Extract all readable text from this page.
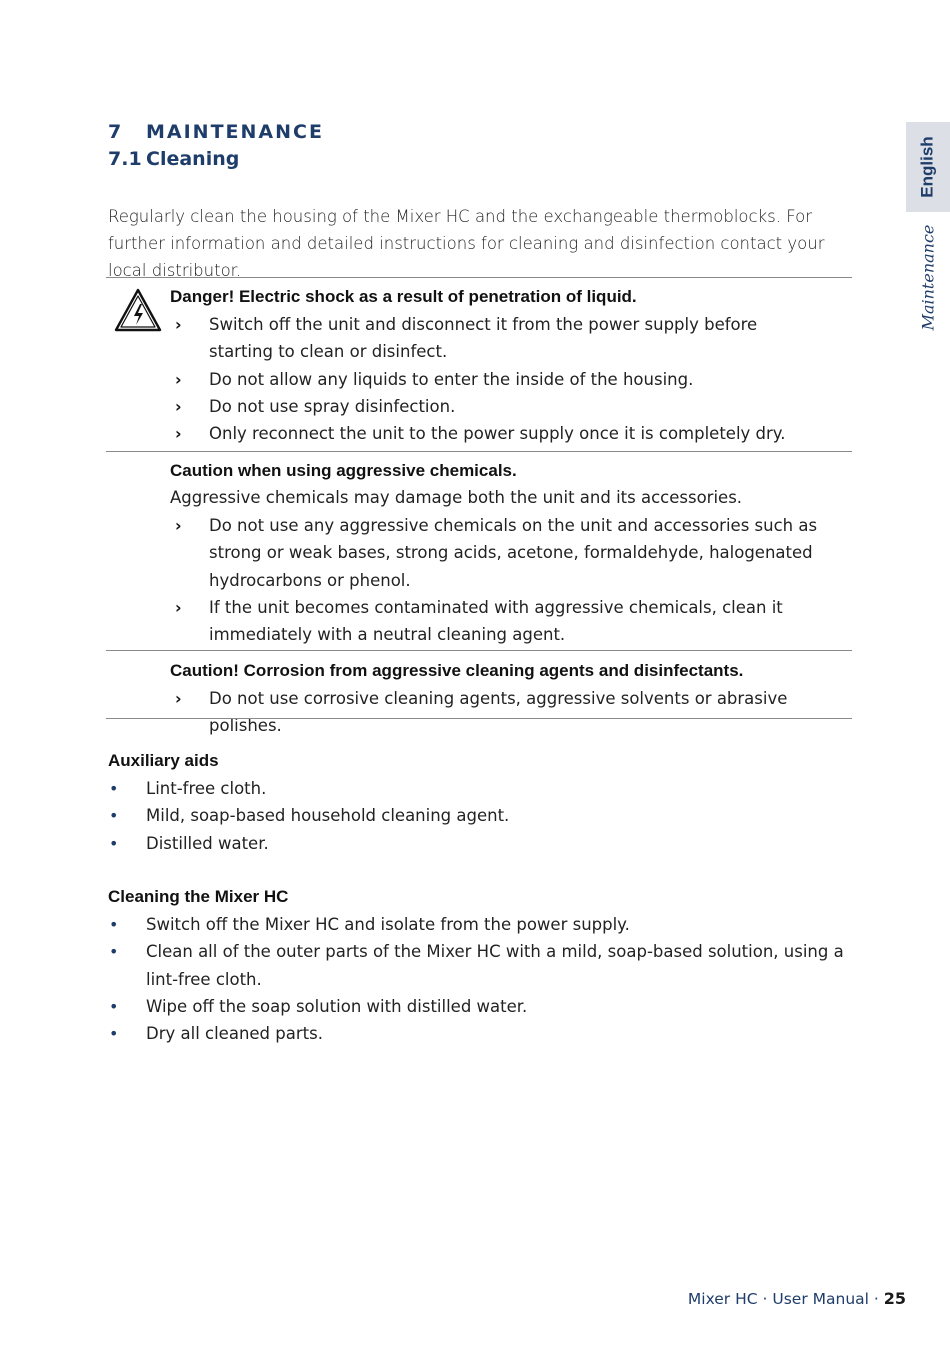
7 MAINTENANCE
7.1 Cleaning

Regularly clean the housing of the Mixer HC and the exchangeable thermoblocks. For further information and detailed instructions for cleaning and disinfection contact your local distributor.

Danger! Electric shock as a result of penetration of liquid.

› Switch off the unit and disconnect it from the power supply before starting to clean or disinfect.
› Do not allow any liquids to enter the inside of the housing.
› Do not use spray disinfection.
› Only reconnect the unit to the power supply once it is completely dry.

Caution when using aggressive chemicals.

Aggressive chemicals may damage both the unit and its accessories.

› Do not use any aggressive chemicals on the unit and accessories such as strong or weak bases, strong acids, acetone, formaldehyde, halogenated hydrocarbons or phenol.
› If the unit becomes contaminated with aggressive chemicals, clean it immediately with a neutral cleaning agent.

Caution! Corrosion from aggressive cleaning agents and disinfectants.

› Do not use corrosive cleaning agents, aggressive solvents or abrasive polishes.

Auxiliary aids

• Lint-free cloth.
• Mild, soap-based household cleaning agent.
• Distilled water.

Cleaning the Mixer HC

• Switch off the Mixer HC and isolate from the power supply.
• Clean all of the outer parts of the Mixer HC with a mild, soap-based solution, using a lint-free cloth.
• Wipe off the soap solution with distilled water.
• Dry all cleaned parts.
English
Maintenance
Mixer HC · User Manual · 25
